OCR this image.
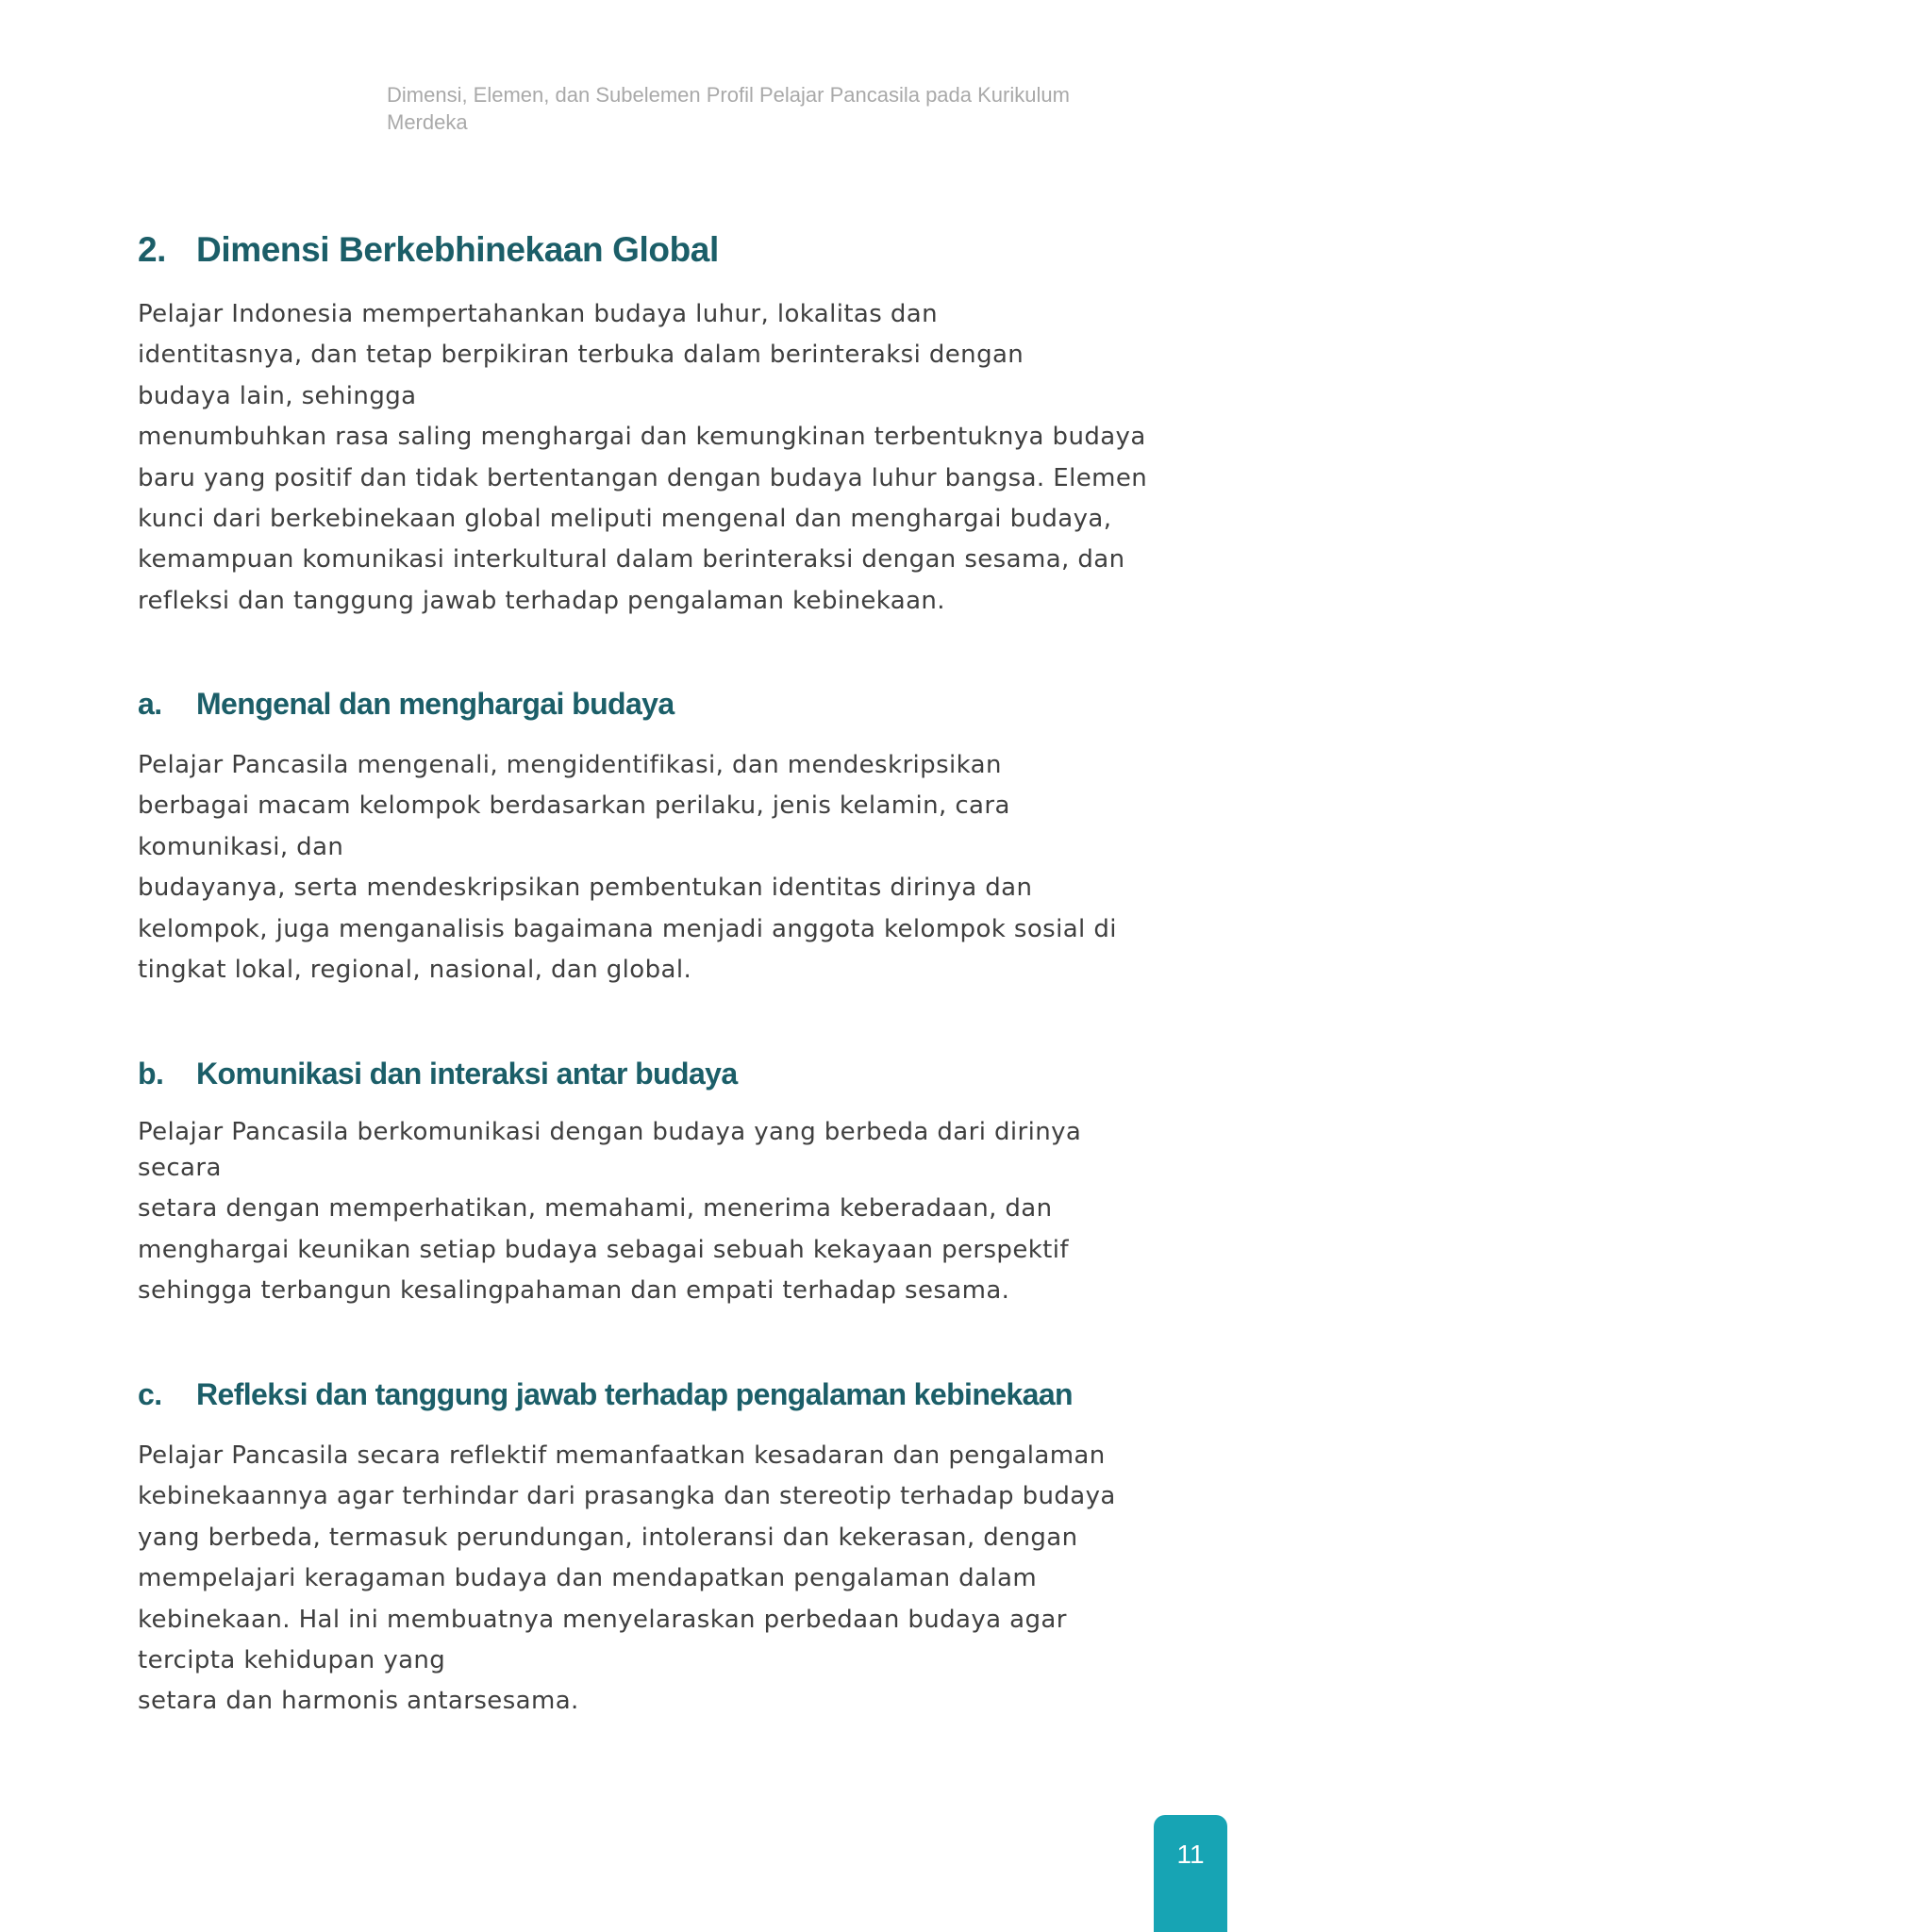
Dimensi, Elemen, dan Subelemen Profil Pelajar Pancasila pada Kurikulum
Merdeka
2. Dimensi Berkebhinekaan Global
Pelajar Indonesia mempertahankan budaya luhur, lokalitas dan
identitasnya, dan tetap berpikiran terbuka dalam berinteraksi dengan
budaya lain, sehingga
menumbuhkan rasa saling menghargai dan kemungkinan terbentuknya budaya
baru yang positif dan tidak bertentangan dengan budaya luhur bangsa. Elemen
kunci dari berkebinekaan global meliputi mengenal dan menghargai budaya,
kemampuan komunikasi interkultural dalam berinteraksi dengan sesama, dan
refleksi dan tanggung jawab terhadap pengalaman kebinekaan.
a. Mengenal dan menghargai budaya
Pelajar Pancasila mengenali, mengidentifikasi, dan mendeskripsikan
berbagai macam kelompok berdasarkan perilaku, jenis kelamin, cara
komunikasi, dan
budayanya, serta mendeskripsikan pembentukan identitas dirinya dan
kelompok, juga menganalisis bagaimana menjadi anggota kelompok sosial di
tingkat lokal, regional, nasional, dan global.
b. Komunikasi dan interaksi antar budaya
Pelajar Pancasila berkomunikasi dengan budaya yang berbeda dari dirinya
secara
setara dengan memperhatikan, memahami, menerima keberadaan, dan
menghargai keunikan setiap budaya sebagai sebuah kekayaan perspektif
sehingga terbangun kesalingpahaman dan empati terhadap sesama.
c. Refleksi dan tanggung jawab terhadap pengalaman kebinekaan
Pelajar Pancasila secara reflektif memanfaatkan kesadaran dan pengalaman
kebinekaannya agar terhindar dari prasangka dan stereotip terhadap budaya
yang berbeda, termasuk perundungan, intoleransi dan kekerasan, dengan
mempelajari keragaman budaya dan mendapatkan pengalaman dalam
kebinekaan. Hal ini membuatnya menyelaraskan perbedaan budaya agar
tercipta kehidupan yang
setara dan harmonis antarsesama.
11
